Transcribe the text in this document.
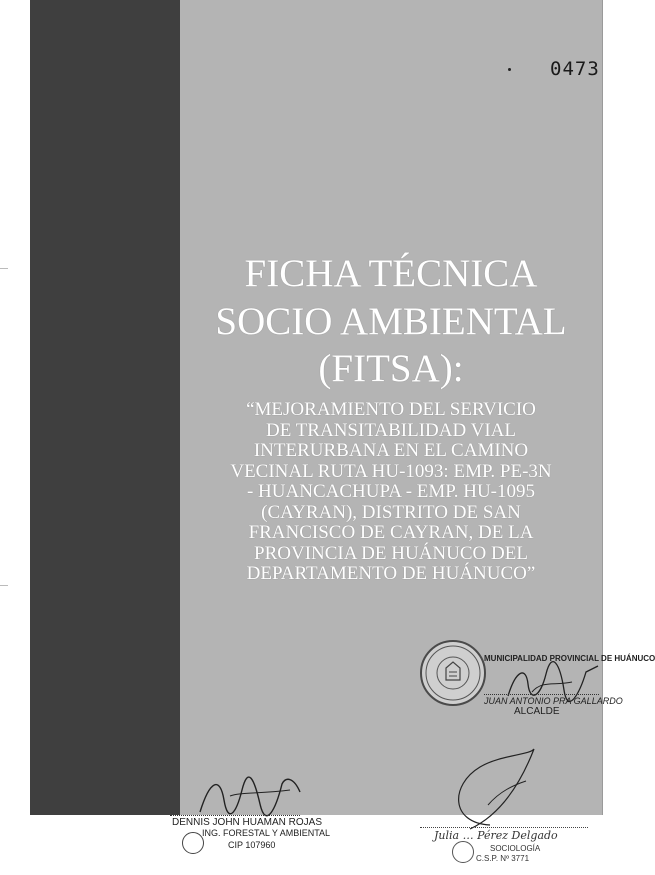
0473
FICHA TÉCNICA
SOCIO AMBIENTAL
(FITSA):
“MEJORAMIENTO DEL SERVICIO
DE TRANSITABILIDAD VIAL
INTERURBANA EN EL CAMINO
VECINAL RUTA HU-1093: EMP. PE-3N
- HUANCACHUPA - EMP. HU-1095
(CAYRAN), DISTRITO DE SAN
FRANCISCO DE CAYRAN, DE LA
PROVINCIA DE HUÁNUCO DEL
DEPARTAMENTO DE HUÁNUCO”
MUNICIPALIDAD PROVINCIAL DE HUÁNUCO
JUAN ANTONIO PRA GALLARDO
ALCALDE
DENNIS JOHN HUAMAN ROJAS
ING. FORESTAL Y AMBIENTAL
CIP 107960
Julia … Pérez Delgado
SOCIOLOGÍA
C.S.P. Nº 3771
